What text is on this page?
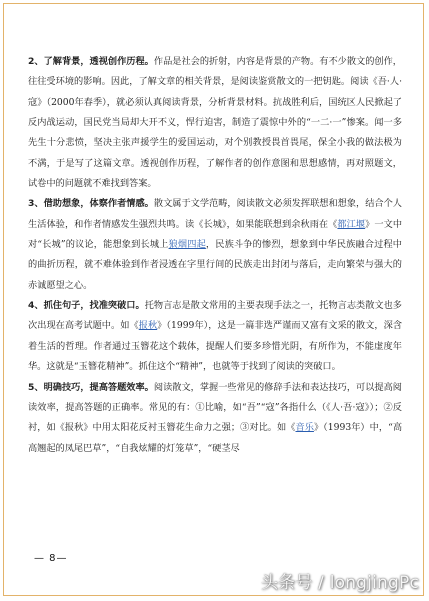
2、了解背景，透视创作历程。作品是社会的折射，内容是背景的产物。有不少散文的创作，往往受环境的影响。因此，了解文章的相关背景，是阅读鉴赏散文的一把钥匙。阅读《吾·人·寇》（2000年春季），就必须认真阅读背景，分析背景材料。抗战胜利后，国统区人民掀起了反内战运动，国民党当局却大开不义，悍行迫害，制造了震惊中外的“一二·一”惨案。闻一多先生十分悲愤，坚决主张声援学生的爱国运动，对个别教授畏首畏尾，保全小我的做法极为不满，于是写了这篇文章。透视创作历程，了解作者的创作意图和思想感情，再对照题文，试卷中的问题就不难找到答案。

3、借助想象，体察作者情感。散文属于文学范畴，阅读散文必须发挥联想和想象，结合个人生活体验，和作者情感发生强烈共鸣。读《长城》，如果能联想到余秋雨在《都江堰》一文中对“长城”的议论，能想象到长城上狼烟四起，民族斗争的惨烈，想象到中华民族融合过程中的曲折历程，就不难体验到作者浸透在字里行间的民族走出封闭与落后，走向繁荣与强大的赤诚愿望之心。

4、抓住句子，找准突破口。托物言志是散文常用的主要表现手法之一，托物言志类散文也多次出现在高考试题中。如《报秋》（1999年），这是一篇非选严谨而又富有文采的散文，深含着生活的哲理。作者通过玉簪花这个载体，提醒人们要多珍惜光阴，有所作为，不能虚度年华。这就是“玉簪花精神”。抓住这个“精神”，也就等于找到了阅读的突破口。

5、明确技巧，提高答题效率。阅读散文，掌握一些常见的修辞手法和表达技巧，可以提高阅读效率，提高答题的正确率。常见的有：①比喻，如“吾”“寇”各指什么（《人·吾·寇》）；②反衬，如《报秋》中用太阳花反衬玉簪花生命力之强；③对比。如《音乐》（1993年）中，“高高翘起的凤尾巴草”，“自我炫耀的灯笼草”，“硬茎尽

— 8—
头条号 / longjingPc
